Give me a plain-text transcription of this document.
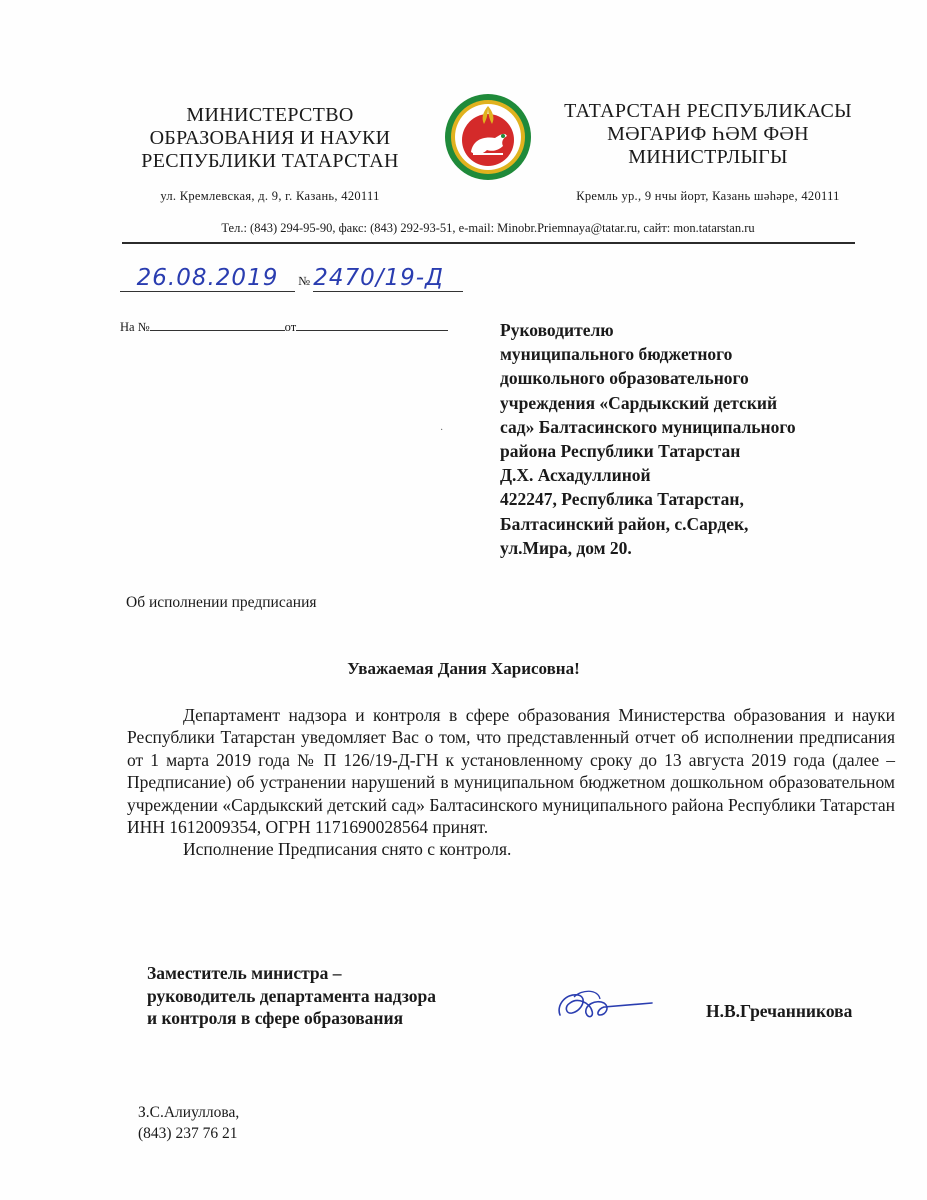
МИНИСТЕРСТВО
ОБРАЗОВАНИЯ И НАУКИ
РЕСПУБЛИКИ ТАТАРСТАН
ул. Кремлевская, д. 9, г. Казань, 420111
ТАТАРСТАН РЕСПУБЛИКАСЫ
МӘГАРИФ ҺӘМ ФӘН
МИНИСТРЛЫГЫ
Кремль ур., 9 нчы йорт, Казань шәһәре, 420111
Тел.: (843) 294-95-90, факс: (843) 292-93-51, e-mail: Minobr.Priemnaya@tatar.ru, сайт: mon.tatarstan.ru
26.08.2019 № 2470/19-Д
На №	от
·
Руководителю
муниципального бюджетного
дошкольного образовательного
учреждения «Сардыкский детский
сад» Балтасинского муниципального
района Республики Татарстан
Д.Х. Асхадуллиной
422247, Республика Татарстан,
Балтасинский район, с.Сардек,
ул.Мира, дом 20.
Об исполнении предписания
Уважаемая Дания Харисовна!

Департамент надзора и контроля в сфере образования Министерства образования и науки Республики Татарстан уведомляет Вас о том, что представленный отчет об исполнении предписания от 1 марта 2019 года № П 126/19-Д-ГН к установленному сроку до 13 августа 2019 года (далее – Предписание) об устранении нарушений в муниципальном бюджетном дошкольном образовательном учреждении «Сардыкский детский сад» Балтасинского муниципального района Республики Татарстан ИНН 1612009354, ОГРН 1171690028564 принят.

Исполнение Предписания снято с контроля.

Заместитель министра –
руководитель департамента надзора
и контроля в сфере образования	Н.В.Гречанникова
З.С.Алиуллова,
(843) 237 76 21
